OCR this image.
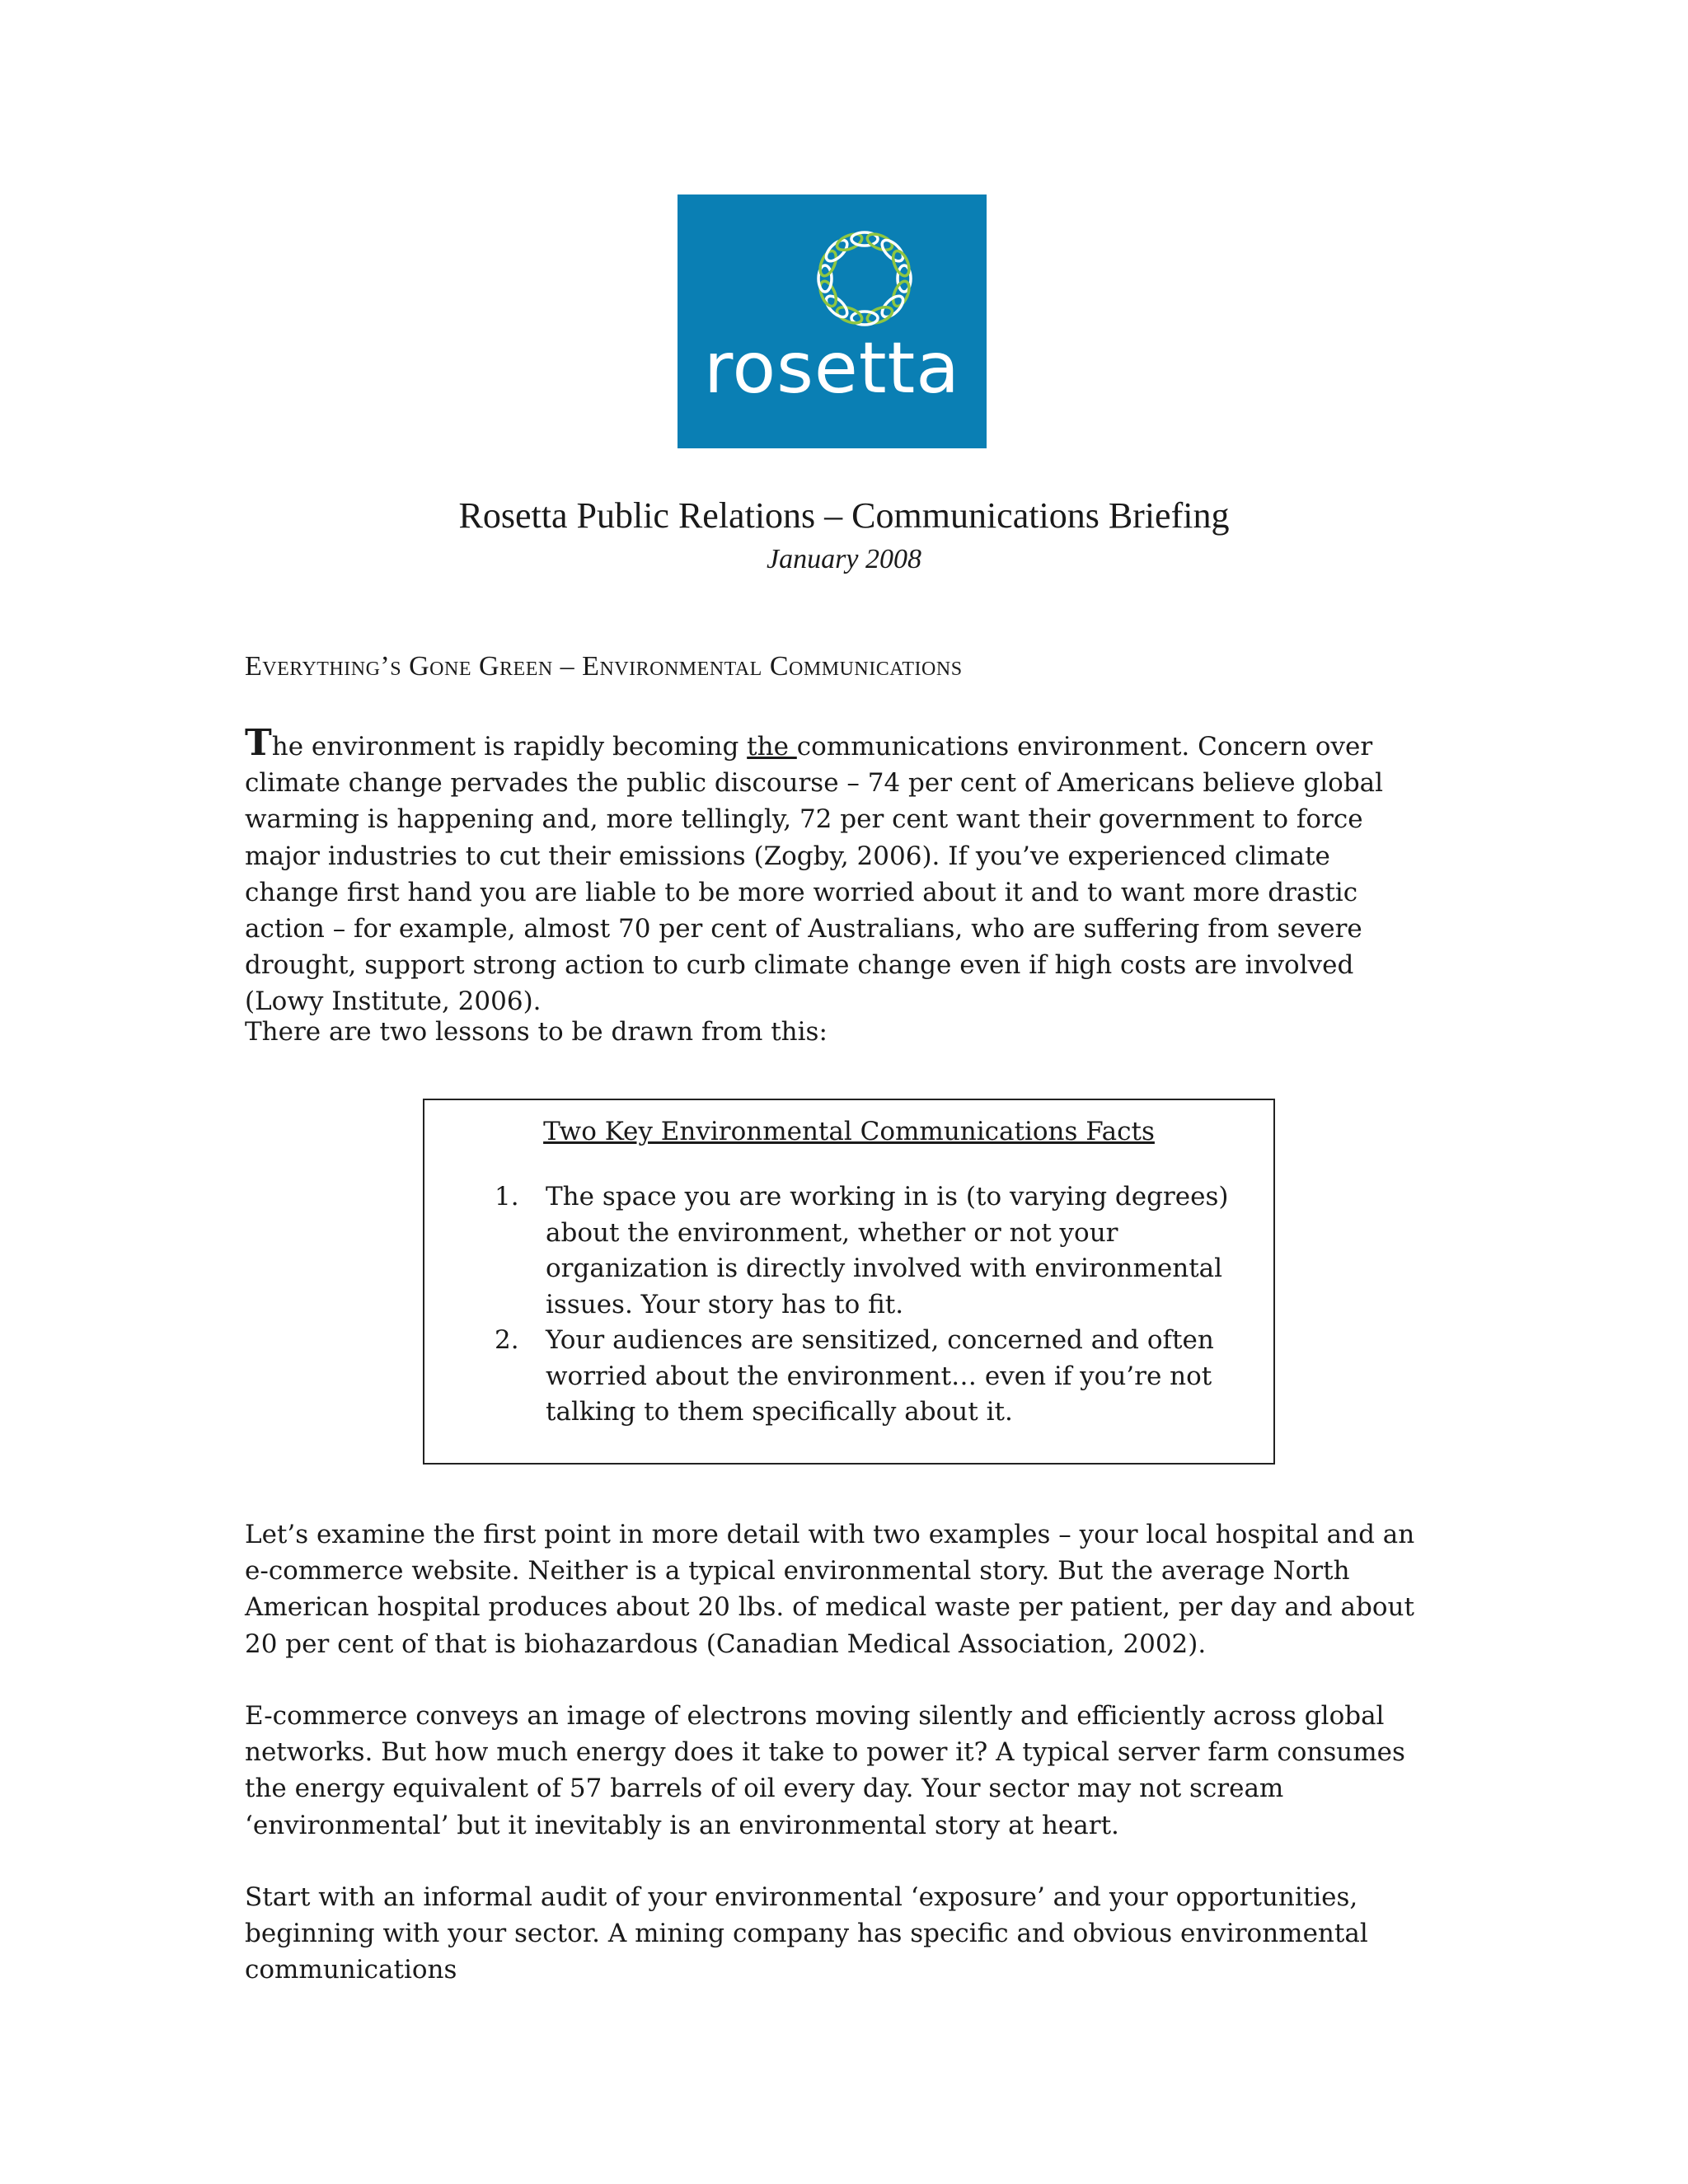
rosetta
Rosetta Public Relations – Communications Briefing
January 2008
Everything’s Gone Green – Environmental Communications

The environment is rapidly becoming the communications environment. Concern over climate change pervades the public discourse – 74 per cent of Americans believe global warming is happening and, more tellingly, 72 per cent want their government to force major industries to cut their emissions (Zogby, 2006). If you’ve experienced climate change first hand you are liable to be more worried about it and to want more drastic action – for example, almost 70 per cent of Australians, who are suffering from severe drought, support strong action to curb climate change even if high costs are involved (Lowy Institute, 2006).

There are two lessons to be drawn from this:

Two Key Environmental Communications Facts
1. The space you are working in is (to varying degrees) about the environment, whether or not your organization is directly involved with environmental issues. Your story has to fit.
2. Your audiences are sensitized, concerned and often worried about the environment… even if you’re not talking to them specifically about it.

Let’s examine the first point in more detail with two examples – your local hospital and an e-commerce website. Neither is a typical environmental story. But the average North American hospital produces about 20 lbs. of medical waste per patient, per day and about 20 per cent of that is biohazardous (Canadian Medical Association, 2002).

E-commerce conveys an image of electrons moving silently and efficiently across global networks. But how much energy does it take to power it? A typical server farm consumes the energy equivalent of 57 barrels of oil every day. Your sector may not scream ‘environmental’ but it inevitably is an environmental story at heart.

Start with an informal audit of your environmental ‘exposure’ and your opportunities, beginning with your sector. A mining company has specific and obvious environmental communications
